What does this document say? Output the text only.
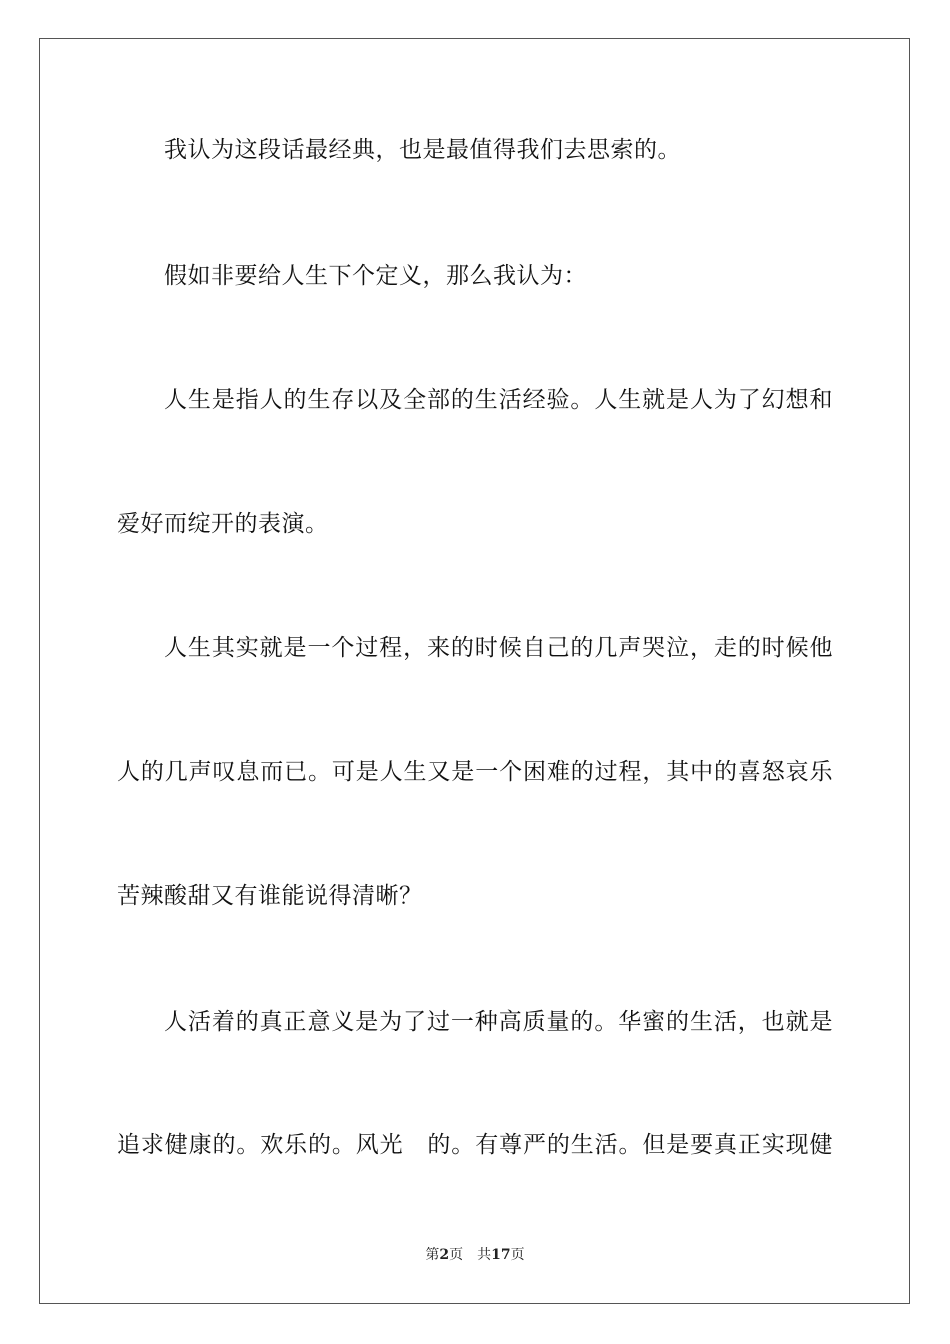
我认为这段话最经典，也是最值得我们去思索的。
假如非要给人生下个定义，那么我认为：
人生是指人的生存以及全部的生活经验。人生就是人为了幻想和
爱好而绽开的表演。
人生其实就是一个过程，来的时候自己的几声哭泣，走的时候他
人的几声叹息而已。可是人生又是一个困难的过程，其中的喜怒哀乐
苦辣酸甜又有谁能说得清晰？
人活着的真正意义是为了过一种高质量的。华蜜的生活，也就是
追求健康的。欢乐的。风光　的。有尊严的生活。但是要真正实现健
第2页 共17页
